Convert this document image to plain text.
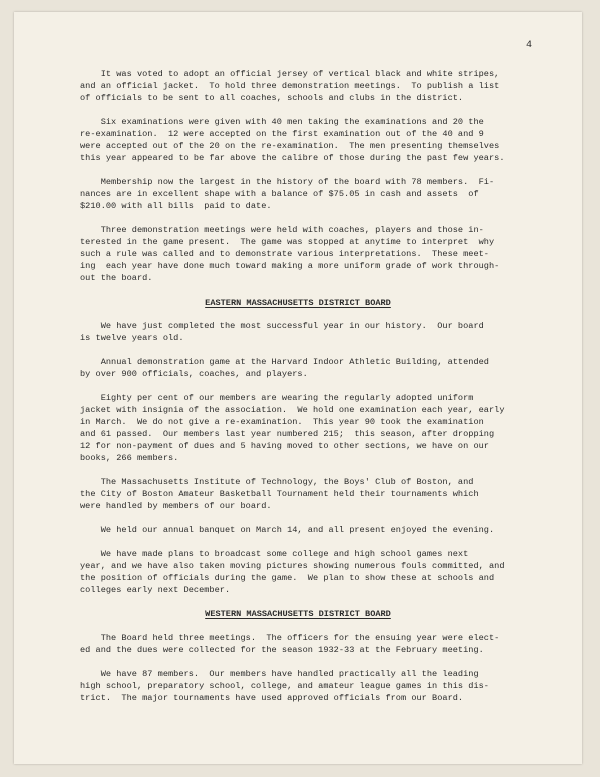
4

It was voted to adopt an official jersey of vertical black and white stripes,
and an official jacket.  To hold three demonstration meetings.  To publish a list
of officials to be sent to all coaches, schools and clubs in the district.

Six examinations were given with 40 men taking the examinations and 20 the
re-examination.  12 were accepted on the first examination out of the 40 and 9
were accepted out of the 20 on the re-examination.  The men presenting themselves
this year appeared to be far above the calibre of those during the past few years.

Membership now the largest in the history of the board with 78 members.  Fi-
nances are in excellent shape with a balance of $75.05 in cash and assets  of
$210.00 with all bills  paid to date.

Three demonstration meetings were held with coaches, players and those in-
terested in the game present.  The game was stopped at anytime to interpret  why
such a rule was called and to demonstrate various interpretations.  These meet-
ing  each year have done much toward making a more uniform grade of work through-
out the board.

EASTERN MASSACHUSETTS DISTRICT BOARD

We have just completed the most successful year in our history.  Our board
is twelve years old.

Annual demonstration game at the Harvard Indoor Athletic Building, attended
by over 900 officials, coaches, and players.

Eighty per cent of our members are wearing the regularly adopted uniform
jacket with insignia of the association.  We hold one examination each year, early
in March.  We do not give a re-examination.  This year 90 took the examination
and 61 passed.  Our members last year numbered 215;  this season, after dropping
12 for non-payment of dues and 5 having moved to other sections, we have on our
books, 266 members.

The Massachusetts Institute of Technology, the Boys' Club of Boston, and
the City of Boston Amateur Basketball Tournament held their tournaments which
were handled by members of our board.

We held our annual banquet on March 14, and all present enjoyed the evening.

We have made plans to broadcast some college and high school games next
year, and we have also taken moving pictures showing numerous fouls committed, and
the position of officials during the game.  We plan to show these at schools and
colleges early next December.

WESTERN MASSACHUSETTS DISTRICT BOARD

The Board held three meetings.  The officers for the ensuing year were elect-
ed and the dues were collected for the season 1932-33 at the February meeting.

We have 87 members.  Our members have handled practically all the leading
high school, preparatory school, college, and amateur league games in this dis-
trict.  The major tournaments have used approved officials from our Board.
